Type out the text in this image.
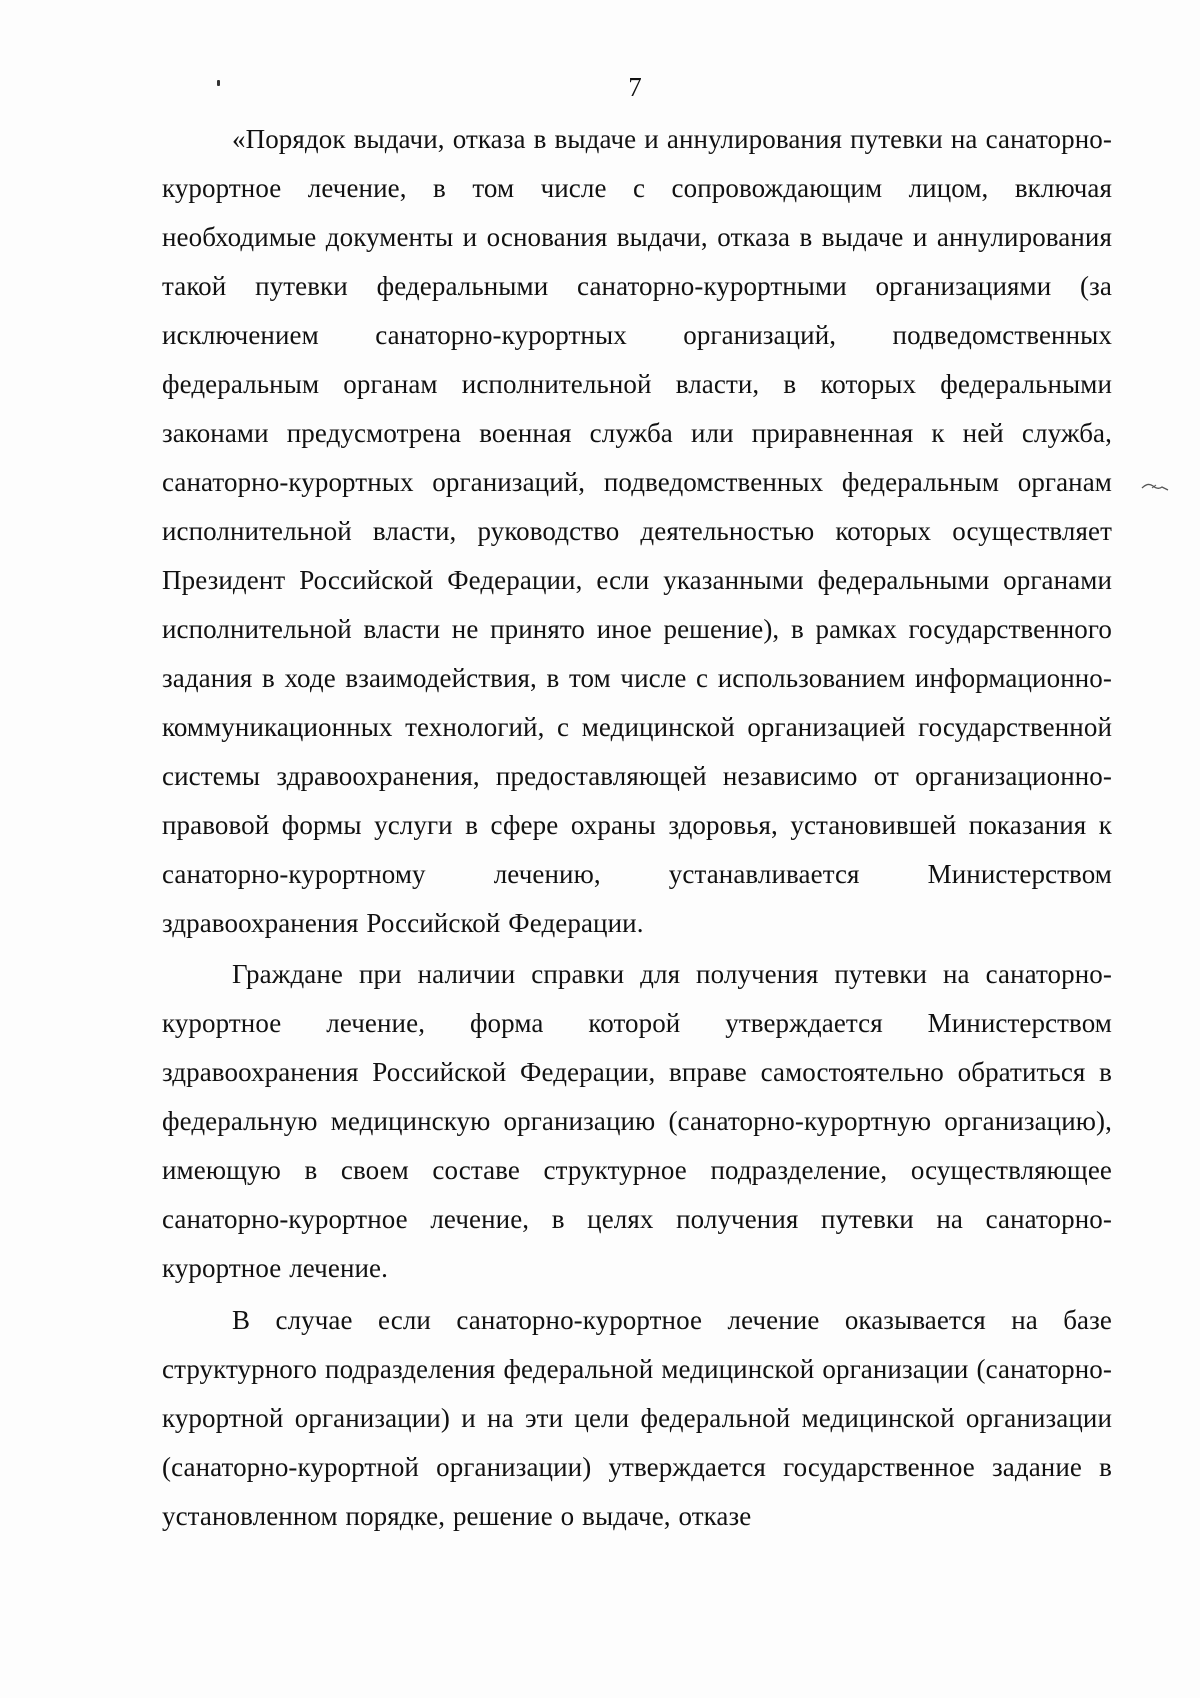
7

«Порядок выдачи, отказа в выдаче и аннулирования путевки на санаторно-курортное лечение, в том числе с сопровождающим лицом, включая необходимые документы и основания выдачи, отказа в выдаче и аннулирования такой путевки федеральными санаторно-курортными организациями (за исключением санаторно-курортных организаций, подведомственных федеральным органам исполнительной власти, в которых федеральными законами предусмотрена военная служба или приравненная к ней служба, санаторно-курортных организаций, подведомственных федеральным органам исполнительной власти, руководство деятельностью которых осуществляет Президент Российской Федерации, если указанными федеральными органами исполнительной власти не принято иное решение), в рамках государственного задания в ходе взаимодействия, в том числе с использованием информационно-коммуникационных технологий, с медицинской организацией государственной системы здравоохранения, предоставляющей независимо от организационно-правовой формы услуги в сфере охраны здоровья, установившей показания к санаторно-курортному лечению, устанавливается Министерством здравоохранения Российской Федерации.

Граждане при наличии справки для получения путевки на санаторно-курортное лечение, форма которой утверждается Министерством здравоохранения Российской Федерации, вправе самостоятельно обратиться в федеральную медицинскую организацию (санаторно-курортную организацию), имеющую в своем составе структурное подразделение, осуществляющее санаторно-курортное лечение, в целях получения путевки на санаторно-курортное лечение.

В случае если санаторно-курортное лечение оказывается на базе структурного подразделения федеральной медицинской организации (санаторно-курортной организации) и на эти цели федеральной медицинской организации (санаторно-курортной организации) утверждается государственное задание в установленном порядке, решение о выдаче, отказе
